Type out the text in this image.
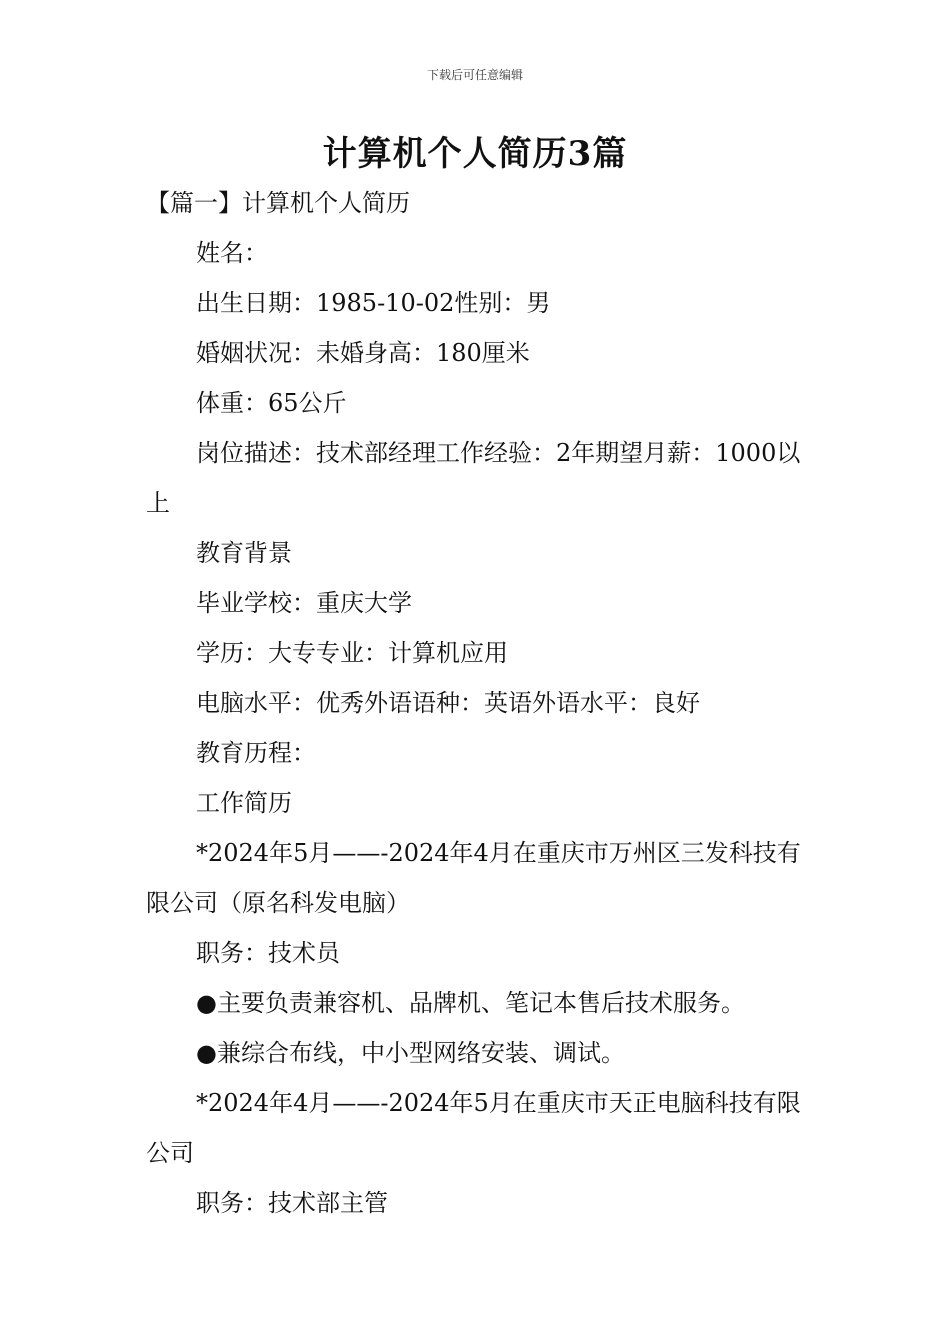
下载后可任意编辑
计算机个人简历3篇

【篇一】计算机个人简历

姓名：

出生日期：1985-10-02性别：男

婚姻状况：未婚身高：180厘米

体重：65公斤

岗位描述：技术部经理工作经验：2年期望月薪：1000以上

教育背景

毕业学校：重庆大学

学历：大专专业：计算机应用

电脑水平：优秀外语语种：英语外语水平：良好

教育历程：

工作简历

*2024年5月——-2024年4月在重庆市万州区三发科技有限公司（原名科发电脑）

职务：技术员

●主要负责兼容机、品牌机、笔记本售后技术服务。

●兼综合布线，中小型网络安装、调试。

*2024年4月——-2024年5月在重庆市天正电脑科技有限公司

职务：技术部主管
